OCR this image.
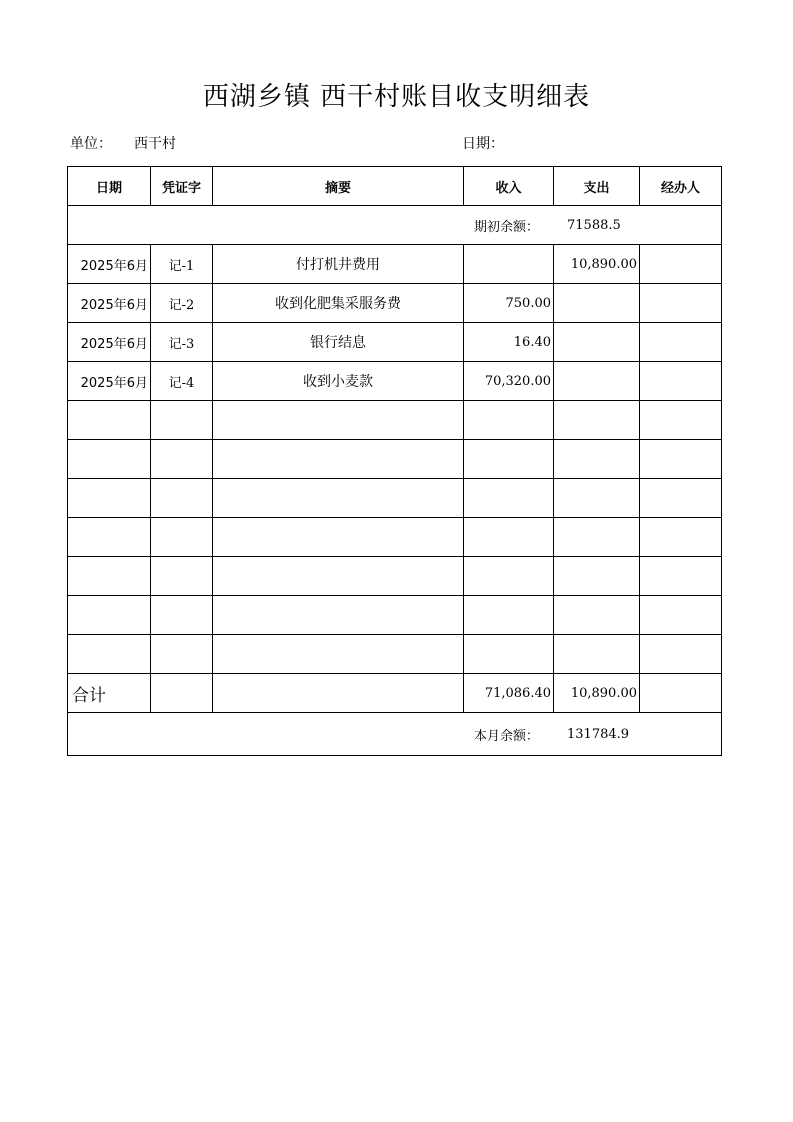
西湖乡镇 西干村账目收支明细表
单位： 西干村	日期：
日期	凭证字	摘要	收入	支出	经办人

期初余额： 71588.5					

2025年6月	记-1	付打机井费用		10,890.00	
2025年6月	记-2	收到化肥集采服务费	750.00		
2025年6月	记-3	银行结息	16.40		
2025年6月	记-4	收到小麦款	70,320.00		

合计			71,086.40	10,890.00	

本月余额： 131784.9					
